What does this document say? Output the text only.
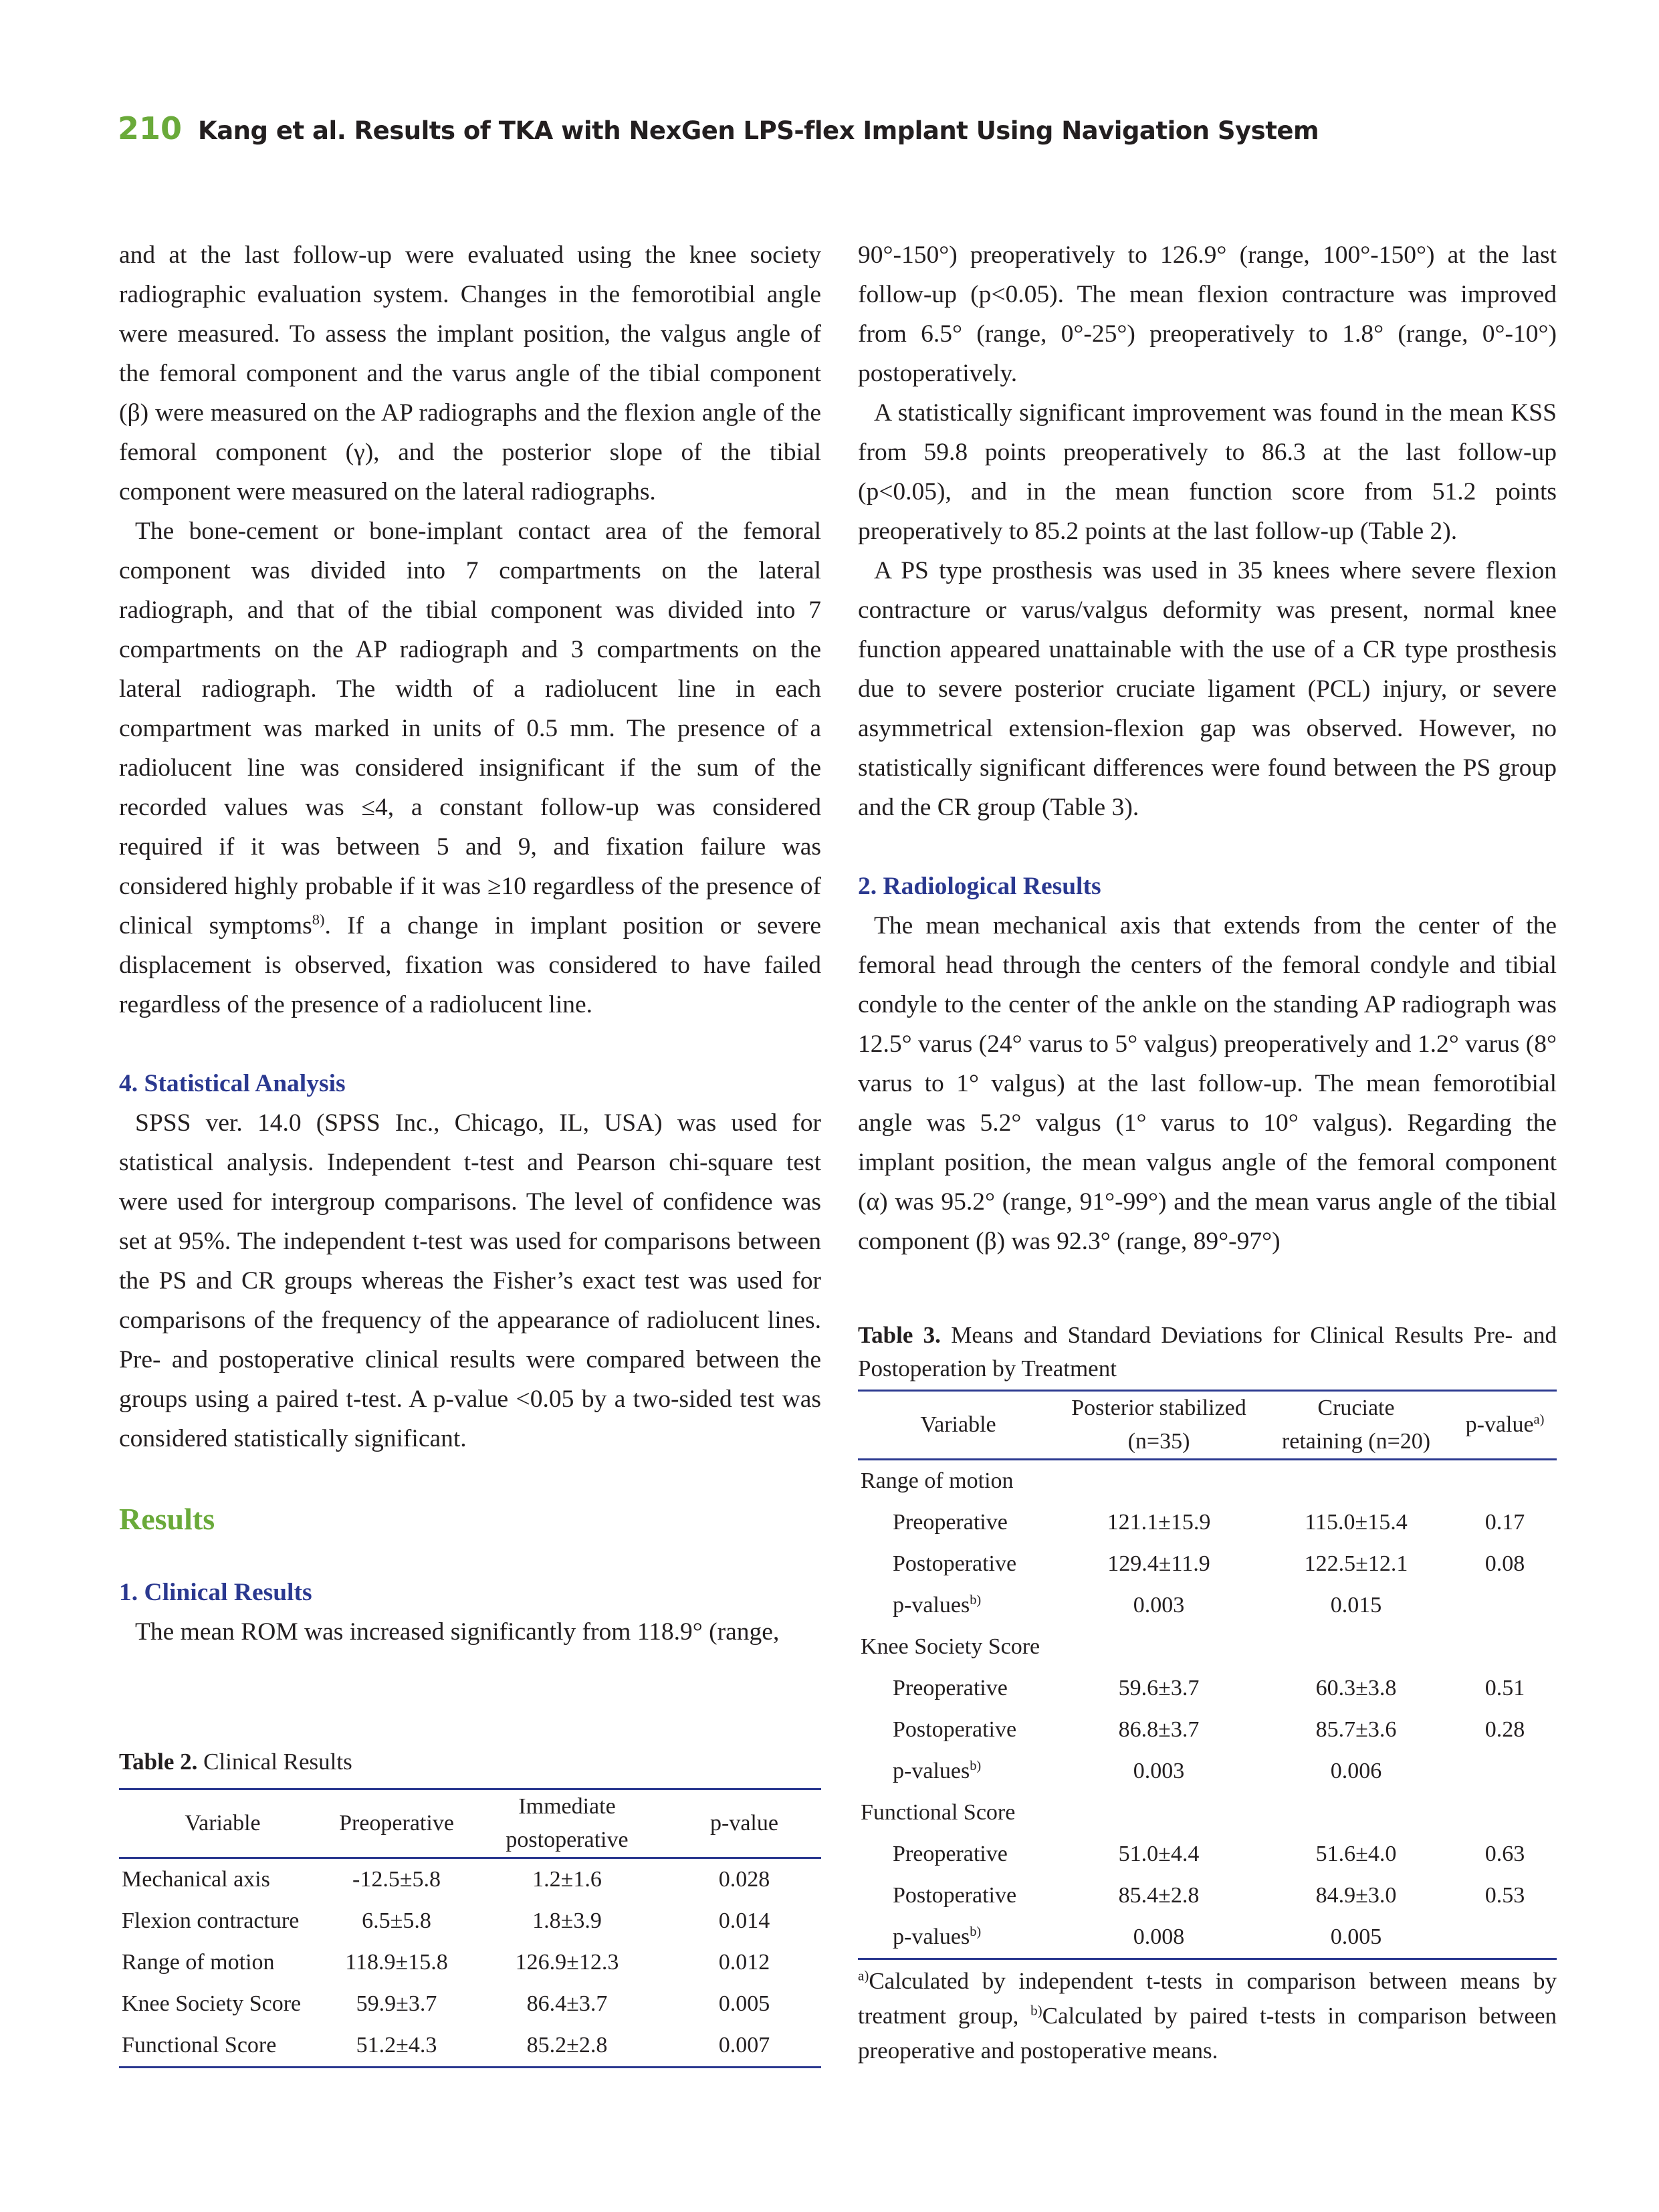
210 Kang et al. Results of TKA with NexGen LPS-flex Implant Using Navigation System

and at the last follow-up were evaluated using the knee society radiographic evaluation system. Changes in the femorotibial angle were measured. To assess the implant position, the valgus angle of the femoral component and the varus angle of the tibial component (β) were measured on the AP radiographs and the flexion angle of the femoral component (γ), and the posterior slope of the tibial component were measured on the lateral radiographs.

The bone-cement or bone-implant contact area of the femoral component was divided into 7 compartments on the lateral radiograph, and that of the tibial component was divided into 7 compartments on the AP radiograph and 3 compartments on the lateral radiograph. The width of a radiolucent line in each compartment was marked in units of 0.5 mm. The presence of a radiolucent line was considered insignificant if the sum of the recorded values was ≤4, a constant follow-up was considered required if it was between 5 and 9, and fixation failure was considered highly probable if it was ≥10 regardless of the presence of clinical symptoms$^{8)}$. If a change in implant position or severe displacement is observed, fixation was considered to have failed regardless of the presence of a radiolucent line.

4. Statistical Analysis

SPSS ver. 14.0 (SPSS Inc., Chicago, IL, USA) was used for statistical analysis. Independent t-test and Pearson chi-square test were used for intergroup comparisons. The level of confidence was set at 95%. The independent t-test was used for comparisons between the PS and CR groups whereas the Fisher’s exact test was used for comparisons of the frequency of the appearance of radiolucent lines. Pre- and postoperative clinical results were compared between the groups using a paired t-test. A p-value <0.05 by a two-sided test was considered statistically significant.

Results

1. Clinical Results

The mean ROM was increased significantly from 118.9° (range,

Table 2. Clinical Results
Variable	Preoperative	Immediate postoperative	p-value
Mechanical axis	-12.5±5.8	1.2±1.6	0.028
Flexion contracture	6.5±5.8	1.8±3.9	0.014
Range of motion	118.9±15.8	126.9±12.3	0.012
Knee Society Score	59.9±3.7	86.4±3.7	0.005
Functional Score	51.2±4.3	85.2±2.8	0.007

90°-150°) preoperatively to 126.9° (range, 100°-150°) at the last follow-up (p<0.05). The mean flexion contracture was improved from 6.5° (range, 0°-25°) preoperatively to 1.8° (range, 0°-10°) postoperatively.

A statistically significant improvement was found in the mean KSS from 59.8 points preoperatively to 86.3 at the last follow-up (p<0.05), and in the mean function score from 51.2 points preoperatively to 85.2 points at the last follow-up (Table 2).

A PS type prosthesis was used in 35 knees where severe flexion contracture or varus/valgus deformity was present, normal knee function appeared unattainable with the use of a CR type prosthesis due to severe posterior cruciate ligament (PCL) injury, or severe asymmetrical extension-flexion gap was observed. However, no statistically significant differences were found between the PS group and the CR group (Table 3).

2. Radiological Results

The mean mechanical axis that extends from the center of the femoral head through the centers of the femoral condyle and tibial condyle to the center of the ankle on the standing AP radiograph was 12.5° varus (24° varus to 5° valgus) preoperatively and 1.2° varus (8° varus to 1° valgus) at the last follow-up. The mean femorotibial angle was 5.2° valgus (1° varus to 10° valgus). Regarding the implant position, the mean valgus angle of the femoral component (α) was 95.2° (range, 91°-99°) and the mean varus angle of the tibial component (β) was 92.3° (range, 89°-97°)

Table 3. Means and Standard Deviations for Clinical Results Pre- and Postoperation by Treatment
Variable	Posterior stabilized (n=35)	Cruciate retaining (n=20)	p-value$^{a)}$
Range of motion			
Preoperative	121.1±15.9	115.0±15.4	0.17
Postoperative	129.4±11.9	122.5±12.1	0.08
p-values$^{b)}$	0.003	0.015	
Knee Society Score			
Preoperative	59.6±3.7	60.3±3.8	0.51
Postoperative	86.8±3.7	85.7±3.6	0.28
p-values$^{b)}$	0.003	0.006	
Functional Score			
Preoperative	51.0±4.4	51.6±4.0	0.63
Postoperative	85.4±2.8	84.9±3.0	0.53
p-values$^{b)}$	0.008	0.005	
$^{a)}$Calculated by independent t-tests in comparison between means by treatment group, $^{b)}$Calculated by paired t-tests in comparison between preoperative and postoperative means.
